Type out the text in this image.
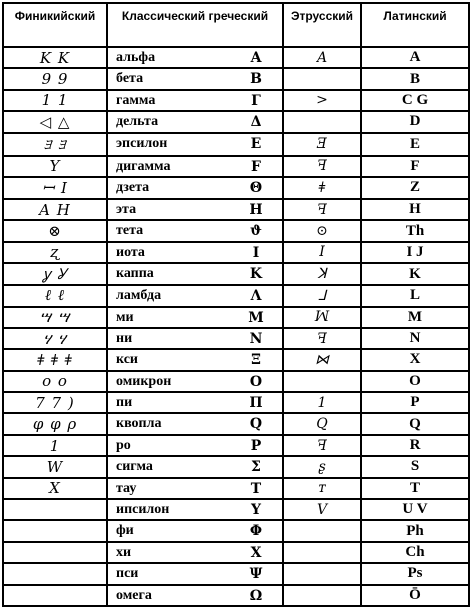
Финикийский	Классический греческий	Этрусский	Латинский
K K	альфа A	A	A
9 9	бета B		B
1 1	гамма Г	>	C G
◁ △	дельта Δ		D
ﾖ ﾖ	эпсилон E	Ǝ	E
Y	дигамма F	ꟻ	F
ꟷ I	дзета Θ	ǂ	Z
A H	эта H	ꟻ	H
⊗	тета ϑ	⊙	Th
ʐ	иота I	I	I J
ỿ Ỿ	каппа K	ꓘ	K
ℓ ℓ	ламбда Λ	ᒧ	L
ሣ ሣ	ми M	ꟽ	M
ሃ ሃ	ни N	ꟻ	N
ǂ ǂ ǂ	кси Ξ	⋈	X
o o	омикрон O		O
7 7 )	пи Π	1	P
φ φ ρ	квопла Q	Q	Q
1	ро P	ꟻ	R
W	сигма Σ	ʂ	S
X	тау T	ᴛ	T

	ипсилон Y	V	U V

	фи Φ		Ph

	хи X		Ch

	пси Ψ		Ps

	омега Ω		Ō
